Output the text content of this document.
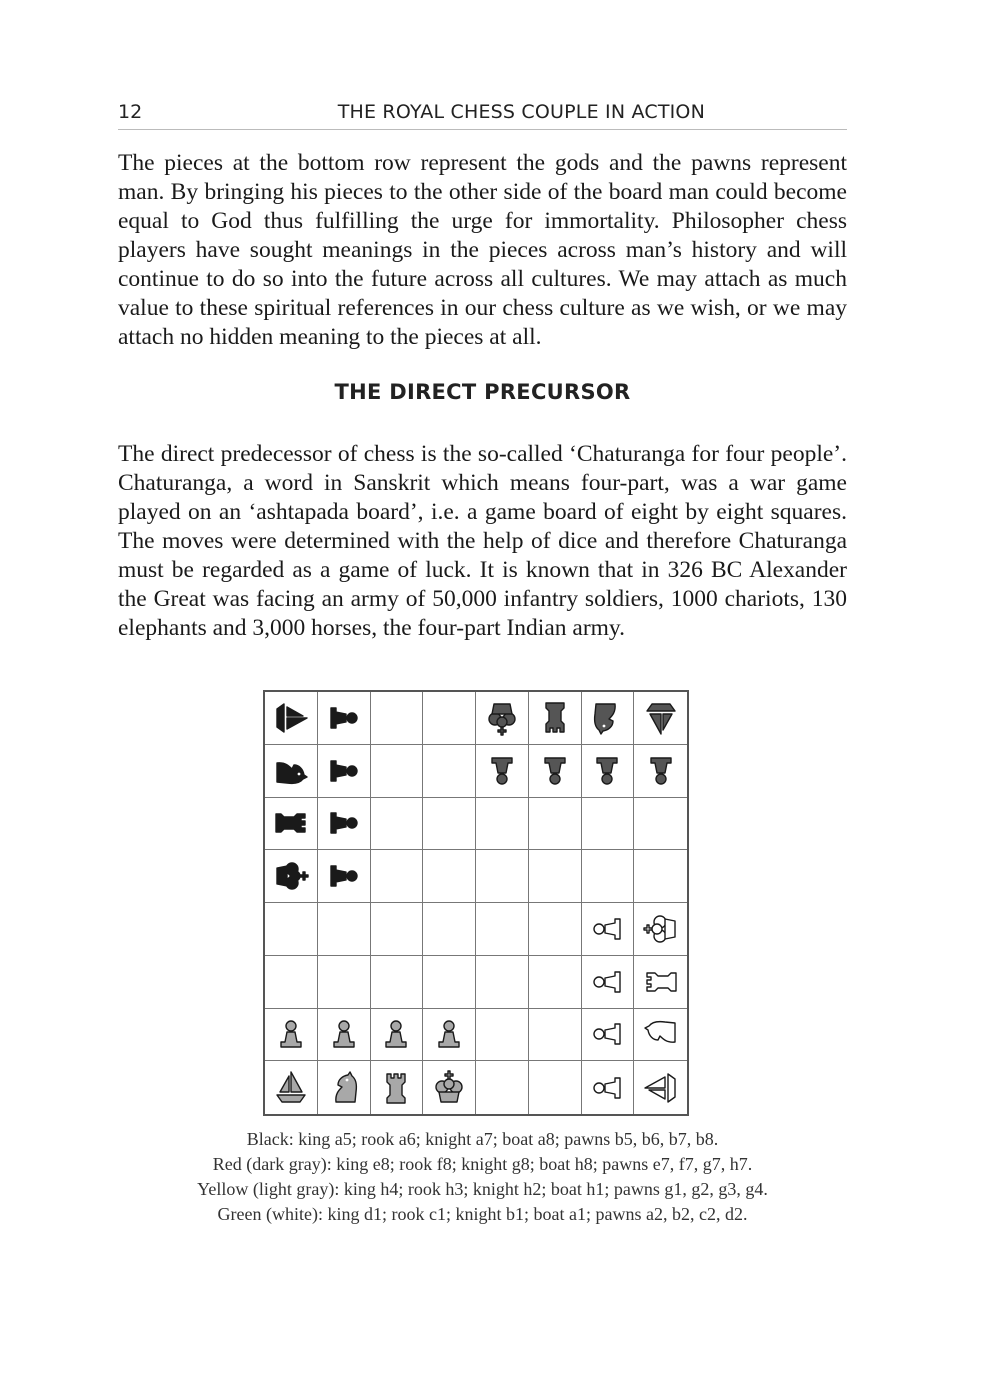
12	THE ROYAL CHESS COUPLE IN ACTION

The pieces at the bottom row represent the gods and the pawns represent man. By bringing his pieces to the other side of the board man could become equal to God thus fulfilling the urge for immortality. Philosopher chess players have sought meanings in the pieces across man’s history and will continue to do so into the future across all cultures. We may attach as much value to these spiritual references in our chess culture as we wish, or we may attach no hidden meaning to the pieces at all.

THE DIRECT PRECURSOR

The direct predecessor of chess is the so-called ‘Chaturanga for four people’. Chaturanga, a word in Sanskrit which means four-part, was a war game played on an ‘ashtapada board’, i.e. a game board of eight by eight squares. The moves were determined with the help of dice and therefore Chaturanga must be regarded as a game of luck. It is known that in 326 BC Alexander the Great was facing an army of 50,000 infantry soldiers, 1000 chariots, 130 elephants and 3,000 horses, the four-part Indian army.

Black: king a5; rook a6; knight a7; boat a8; pawns b5, b6, b7, b8.
Red (dark gray): king e8; rook f8; knight g8; boat h8; pawns e7, f7, g7, h7.
Yellow (light gray): king h4; rook h3; knight h2; boat h1; pawns g1, g2, g3, g4.
Green (white): king d1; rook c1; knight b1; boat a1; pawns a2, b2, c2, d2.
